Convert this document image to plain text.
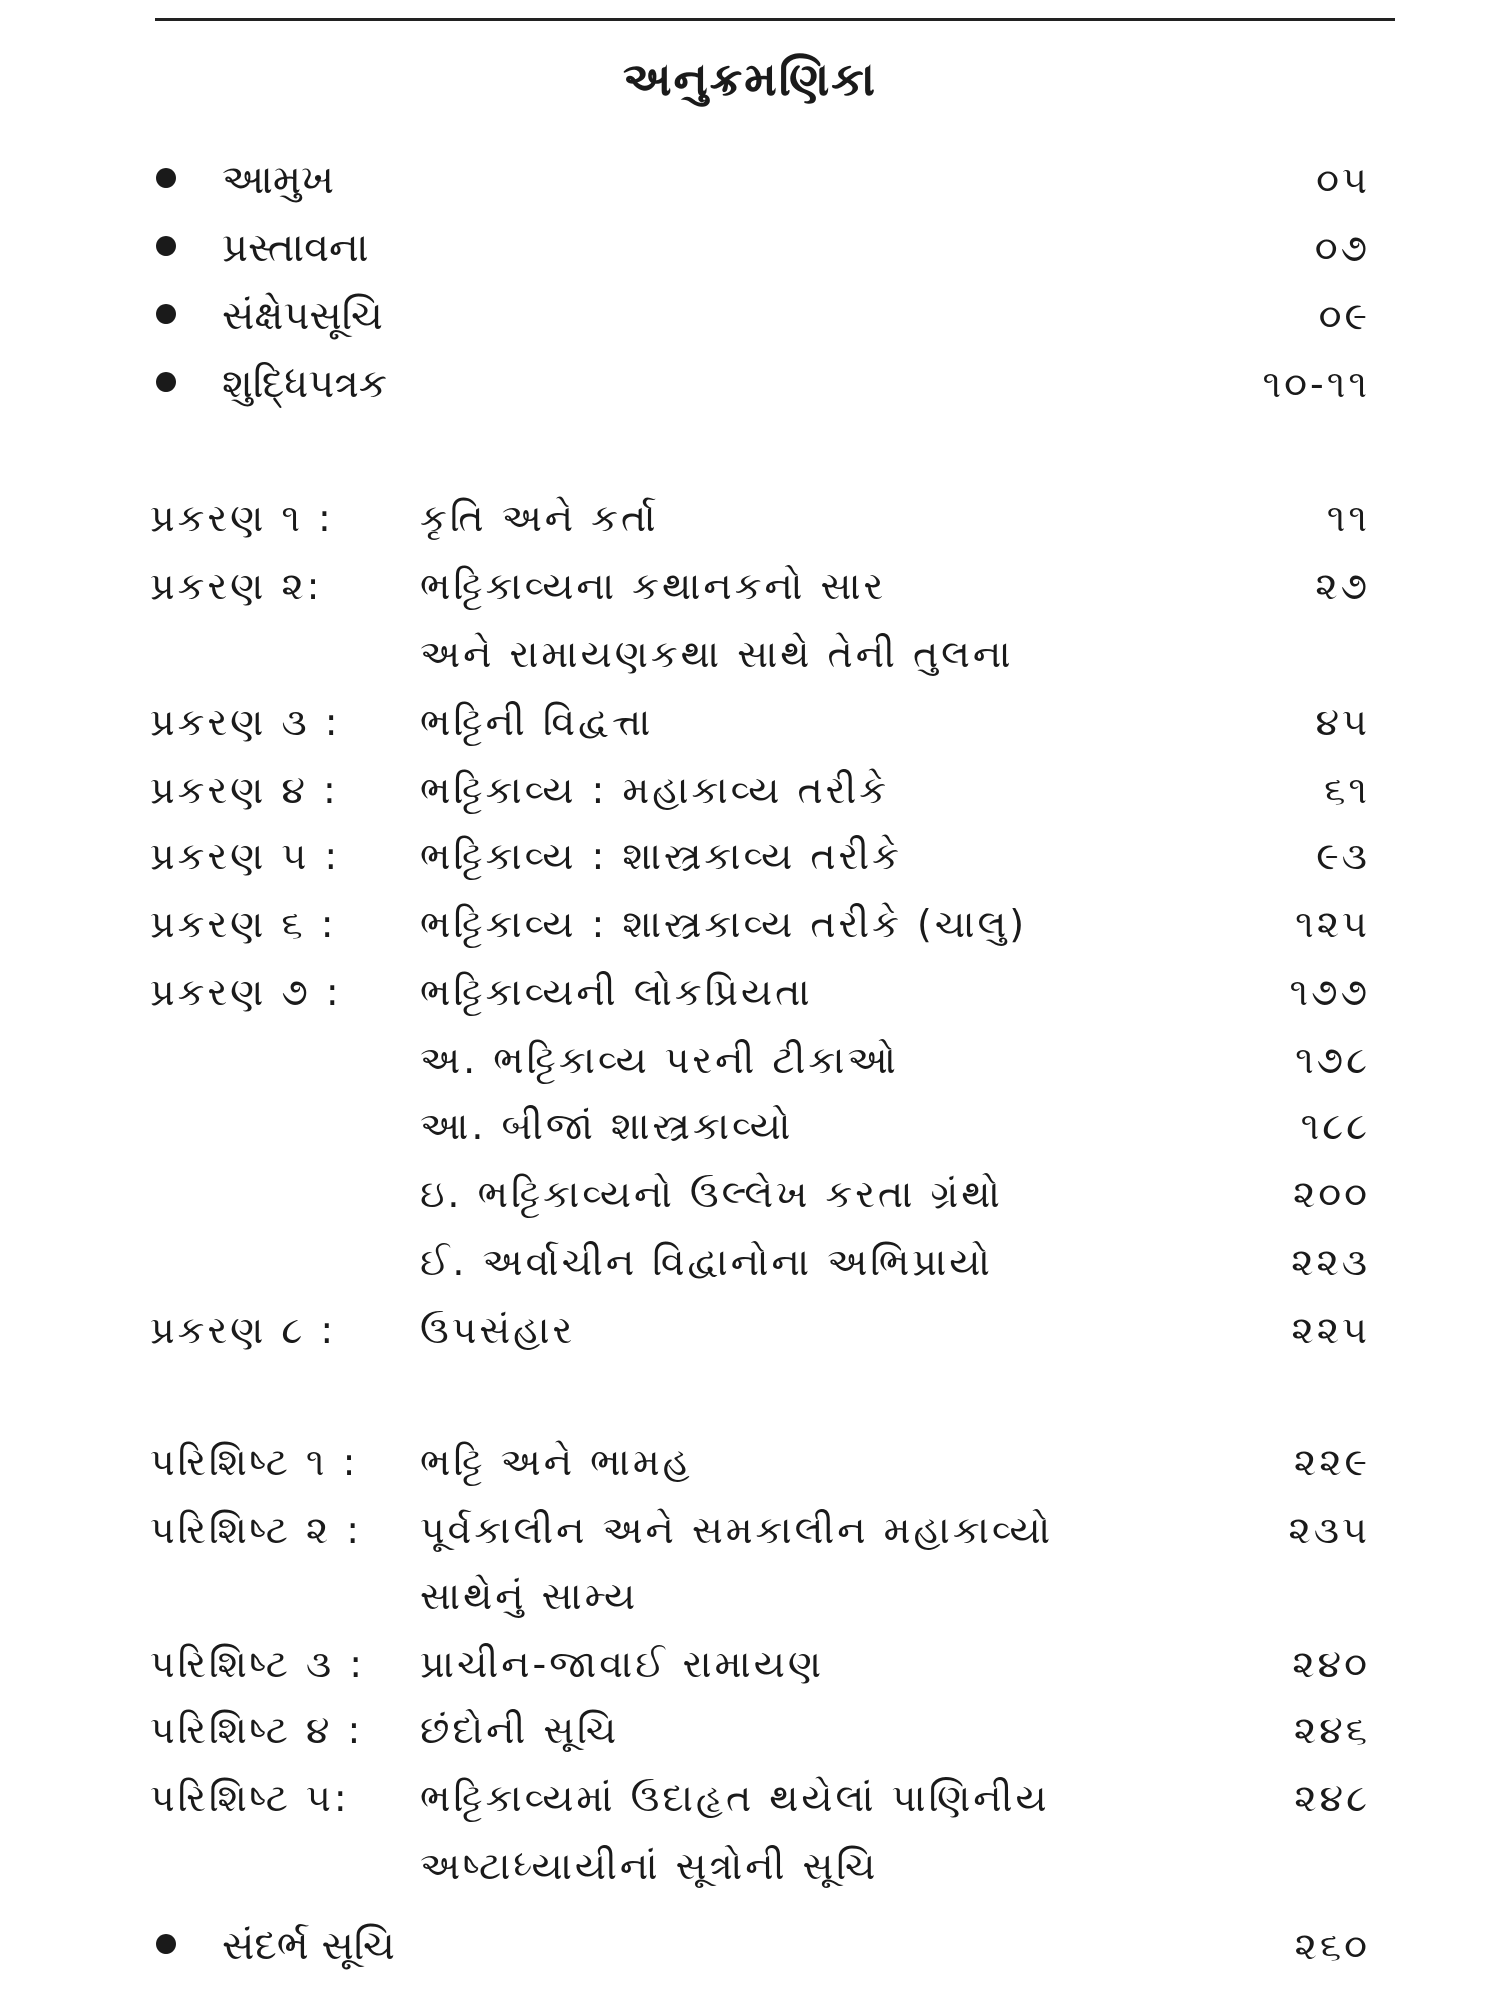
અનુક્રમણિકા
આમુખ	૦૫
પ્રસ્તાવના	૦૭
સંક્ષેપસૂચિ	૦૯
શુદ્ધિપત્રક	૧૦-૧૧
પ્રકરણ ૧ : કૃતિ અને કર્તા	૧૧
પ્રકરણ ૨:	ભટ્ટિકાવ્યના કથાનકનો સાર	૨૭
અને રામાયણકથા સાથે તેની તુલના
પ્રકરણ ૩ : ભટ્ટિની વિદ્વત્તા	૪૫
પ્રકરણ ૪ : ભટ્ટિકાવ્ય : મહાકાવ્ય તરીકે	૬૧
પ્રકરણ ૫ : ભટ્ટિકાવ્ય : શાસ્ત્રકાવ્ય તરીકે	૯૩
પ્રકરણ ૬ : ભટ્ટિકાવ્ય : શાસ્ત્રકાવ્ય તરીકે (ચાલુ)	૧૨૫
પ્રકરણ ૭ : ભટ્ટિકાવ્યની લોકપ્રિયતા	૧૭૭
અ. ભટ્ટિકાવ્ય પરની ટીકાઓ	૧૭૮
આ. બીજાં શાસ્ત્રકાવ્યો	૧૮૮
ઇ. ભટ્ટિકાવ્યનો ઉલ્લેખ કરતા ગ્રંથો	૨૦૦
ઈ. અર્વાચીન વિદ્વાનોના અભિપ્રાયો	૨૨૩
પ્રકરણ ૮ : ઉપસંહાર	૨૨૫
પરિશિષ્ટ ૧ : ભટ્ટિ અને ભામહ	૨૨૯
પરિશિષ્ટ ૨ : પૂર્વકાલીન અને સમકાલીન મહાકાવ્યો	૨૩૫
સાથેનું સામ્ય
પરિશિષ્ટ ૩ : પ્રાચીન-જાવાઈ રામાયણ	૨૪૦
પરિશિષ્ટ ૪ : છંદોની સૂચિ	૨૪૬
પરિશિષ્ટ ૫: ભટ્ટિકાવ્યમાં ઉદાહૃત થયેલાં પાણિનીય	૨૪૮
અષ્ટાધ્યાયીનાં સૂત્રોની સૂચિ
સંદર્ભ સૂચિ	૨૬૦
